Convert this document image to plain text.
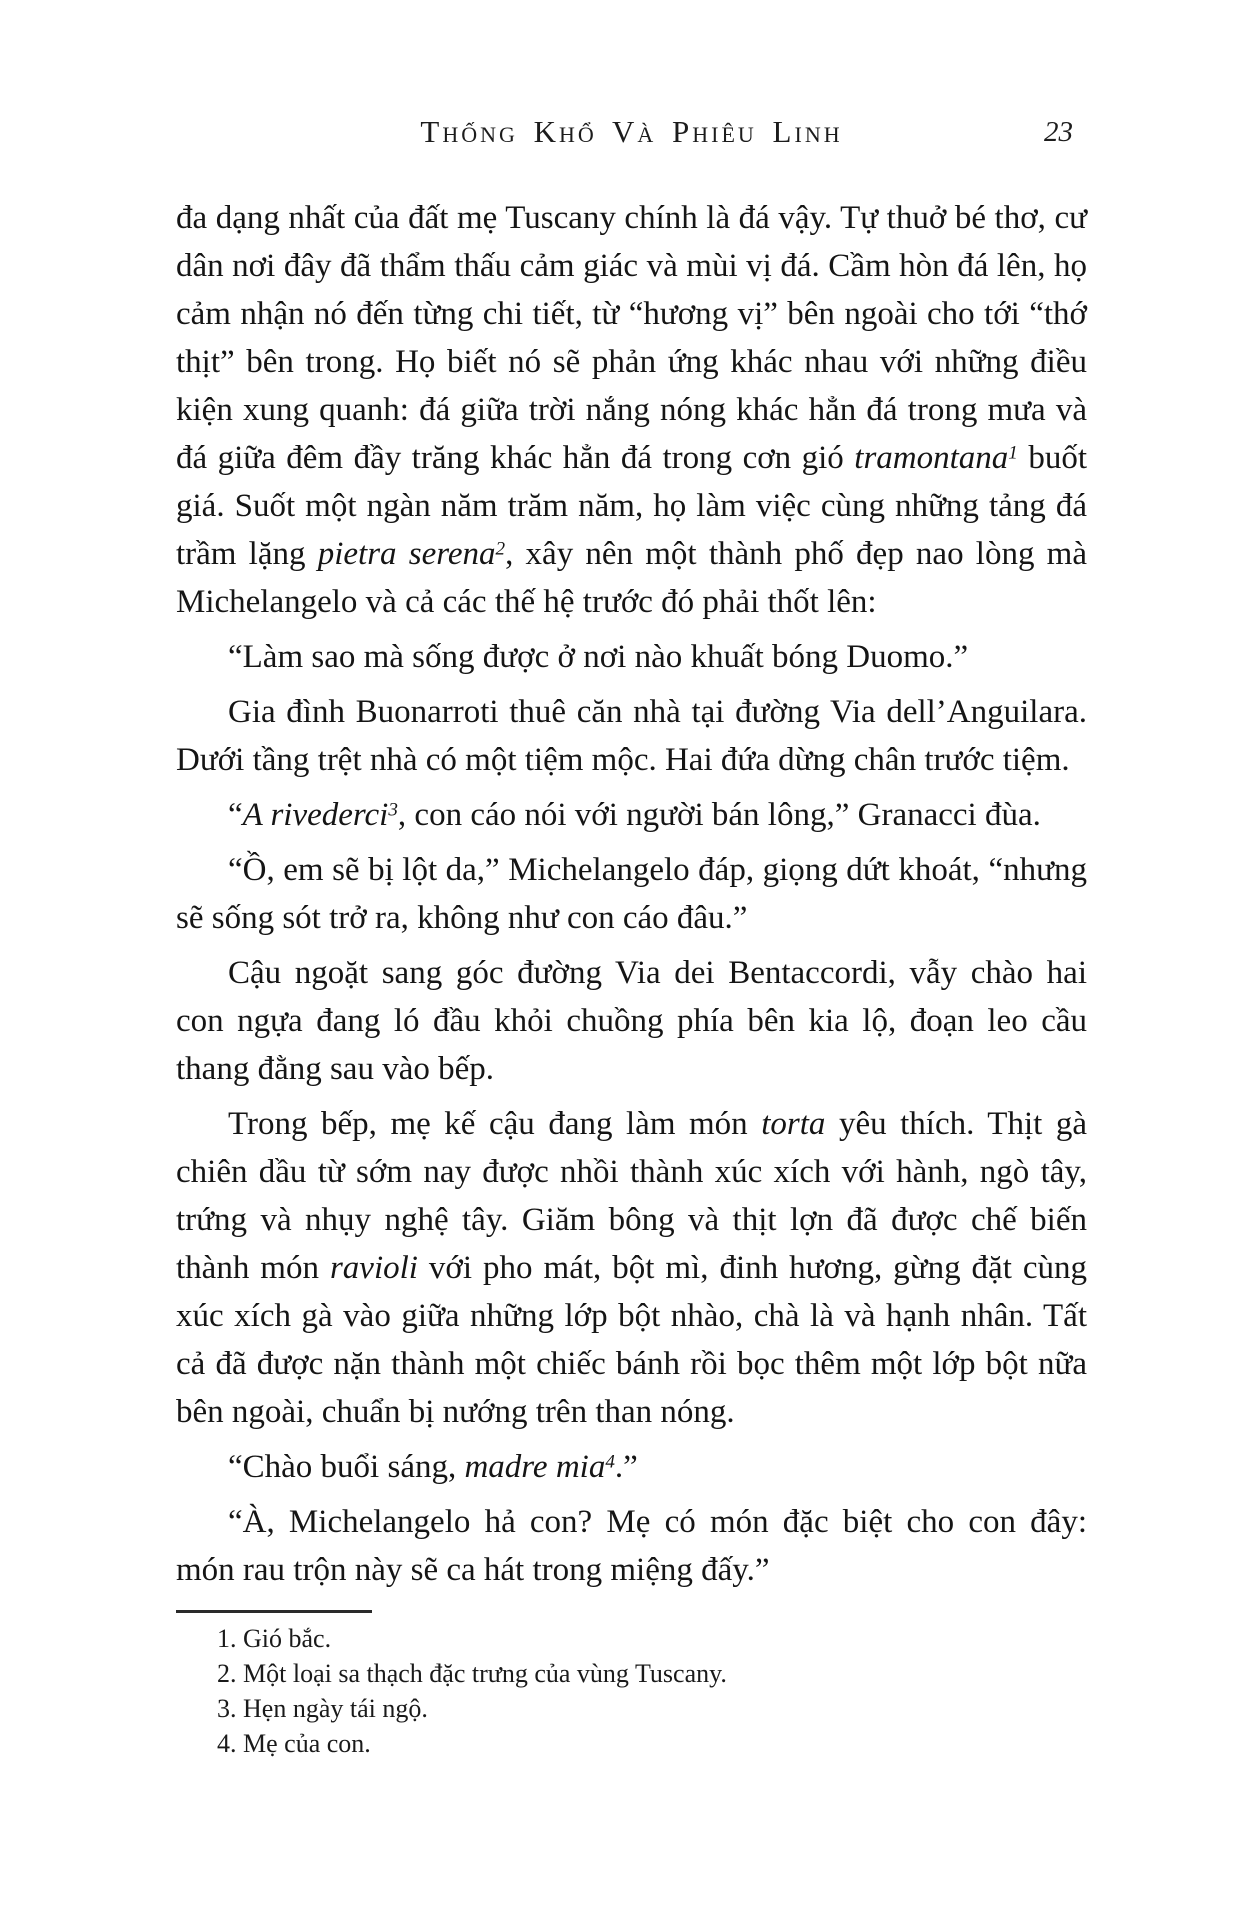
Thống Khổ Và Phiêu Linh	23

đa dạng nhất của đất mẹ Tuscany chính là đá vậy. Tự thuở bé thơ, cư dân nơi đây đã thẩm thấu cảm giác và mùi vị đá. Cầm hòn đá lên, họ cảm nhận nó đến từng chi tiết, từ “hương vị” bên ngoài cho tới “thớ thịt” bên trong. Họ biết nó sẽ phản ứng khác nhau với những điều kiện xung quanh: đá giữa trời nắng nóng khác hẳn đá trong mưa và đá giữa đêm đầy trăng khác hẳn đá trong cơn gió tramontana$^1$ buốt giá. Suốt một ngàn năm trăm năm, họ làm việc cùng những tảng đá trầm lặng pietra serena$^2$, xây nên một thành phố đẹp nao lòng mà Michelangelo và cả các thế hệ trước đó phải thốt lên:

“Làm sao mà sống được ở nơi nào khuất bóng Duomo.”

Gia đình Buonarroti thuê căn nhà tại đường Via dell’Anguilara. Dưới tầng trệt nhà có một tiệm mộc. Hai đứa dừng chân trước tiệm.

“A rivederci$^3$, con cáo nói với người bán lông,” Granacci đùa.

“Ồ, em sẽ bị lột da,” Michelangelo đáp, giọng dứt khoát, “nhưng sẽ sống sót trở ra, không như con cáo đâu.”

Cậu ngoặt sang góc đường Via dei Bentaccordi, vẫy chào hai con ngựa đang ló đầu khỏi chuồng phía bên kia lộ, đoạn leo cầu thang đằng sau vào bếp.

Trong bếp, mẹ kế cậu đang làm món torta yêu thích. Thịt gà chiên dầu từ sớm nay được nhồi thành xúc xích với hành, ngò tây, trứng và nhụy nghệ tây. Giăm bông và thịt lợn đã được chế biến thành món ravioli với pho mát, bột mì, đinh hương, gừng đặt cùng xúc xích gà vào giữa những lớp bột nhào, chà là và hạnh nhân. Tất cả đã được nặn thành một chiếc bánh rồi bọc thêm một lớp bột nữa bên ngoài, chuẩn bị nướng trên than nóng.

“Chào buổi sáng, madre mia$^4$.”

“À, Michelangelo hả con? Mẹ có món đặc biệt cho con đây: món rau trộn này sẽ ca hát trong miệng đấy.”

1. Gió bắc.
2. Một loại sa thạch đặc trưng của vùng Tuscany.
3. Hẹn ngày tái ngộ.
4. Mẹ của con.
